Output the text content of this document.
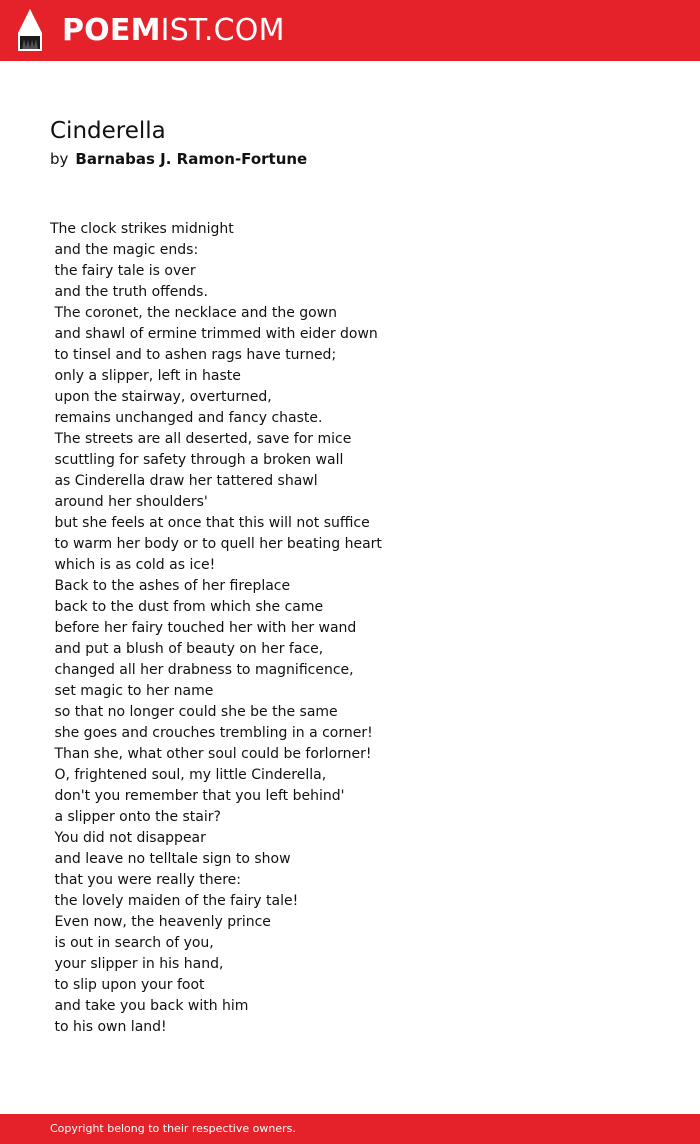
POEMIST.COM
Cinderella
by Barnabas J. Ramon-Fortune
The clock strikes midnight
and the magic ends:
the fairy tale is over
and the truth offends.
The coronet, the necklace and the gown
and shawl of ermine trimmed with eider down
to tinsel and to ashen rags have turned;
only a slipper, left in haste
upon the stairway, overturned,
remains unchanged and fancy chaste.
The streets are all deserted, save for mice
scuttling for safety through a broken wall
as Cinderella draw her tattered shawl
around her shoulders'
but she feels at once that this will not suffice
to warm her body or to quell her beating heart
which is as cold as ice!
Back to the ashes of her fireplace
back to the dust from which she came
before her fairy touched her with her wand
and put a blush of beauty on her face,
changed all her drabness to magnificence,
set magic to her name
so that no longer could she be the same
she goes and crouches trembling in a corner!
Than she, what other soul could be forlorner!
O, frightened soul, my little Cinderella,
don't you remember that you left behind'
a slipper onto the stair?
You did not disappear
and leave no telltale sign to show
that you were really there:
the lovely maiden of the fairy tale!
Even now, the heavenly prince
is out in search of you,
your slipper in his hand,
to slip upon your foot
and take you back with him
to his own land!
Copyright belong to their respective owners.
